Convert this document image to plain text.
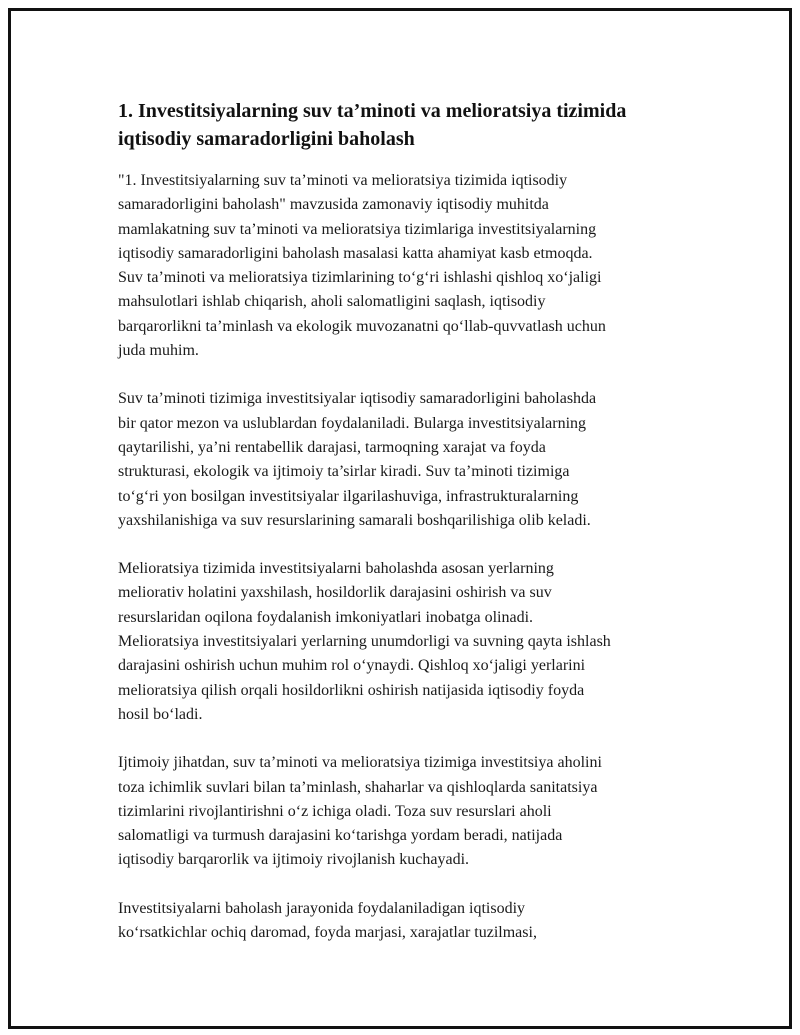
1. Investitsiyalarning suv ta’minoti va melioratsiya tizimida
iqtisodiy samaradorligini baholash

"1. Investitsiyalarning suv ta’minoti va melioratsiya tizimida iqtisodiy
samaradorligini baholash" mavzusida zamonaviy iqtisodiy muhitda
mamlakatning suv ta’minoti va melioratsiya tizimlariga investitsiyalarning
iqtisodiy samaradorligini baholash masalasi katta ahamiyat kasb etmoqda.
Suv ta’minoti va melioratsiya tizimlarining to‘g‘ri ishlashi qishloq xo‘jaligi
mahsulotlari ishlab chiqarish, aholi salomatligini saqlash, iqtisodiy
barqarorlikni ta’minlash va ekologik muvozanatni qo‘llab-quvvatlash uchun
juda muhim.

Suv ta’minoti tizimiga investitsiyalar iqtisodiy samaradorligini baholashda
bir qator mezon va uslublardan foydalaniladi. Bularga investitsiyalarning
qaytarilishi, ya’ni rentabellik darajasi, tarmoqning xarajat va foyda
strukturasi, ekologik va ijtimoiy ta’sirlar kiradi. Suv ta’minoti tizimiga
to‘g‘ri yon bosilgan investitsiyalar ilgarilashuviga, infrastrukturalarning
yaxshilanishiga va suv resurslarining samarali boshqarilishiga olib keladi.

Melioratsiya tizimida investitsiyalarni baholashda asosan yerlarning
meliorativ holatini yaxshilash, hosildorlik darajasini oshirish va suv
resurslaridan oqilona foydalanish imkoniyatlari inobatga olinadi.
Melioratsiya investitsiyalari yerlarning unumdorligi va suvning qayta ishlash
darajasini oshirish uchun muhim rol o‘ynaydi. Qishloq xo‘jaligi yerlarini
melioratsiya qilish orqali hosildorlikni oshirish natijasida iqtisodiy foyda
hosil bo‘ladi.

Ijtimoiy jihatdan, suv ta’minoti va melioratsiya tizimiga investitsiya aholini
toza ichimlik suvlari bilan ta’minlash, shaharlar va qishloqlarda sanitatsiya
tizimlarini rivojlantirishni o‘z ichiga oladi. Toza suv resurslari aholi
salomatligi va turmush darajasini ko‘tarishga yordam beradi, natijada
iqtisodiy barqarorlik va ijtimoiy rivojlanish kuchayadi.

Investitsiyalarni baholash jarayonida foydalaniladigan iqtisodiy
ko‘rsatkichlar ochiq daromad, foyda marjasi, xarajatlar tuzilmasi,
